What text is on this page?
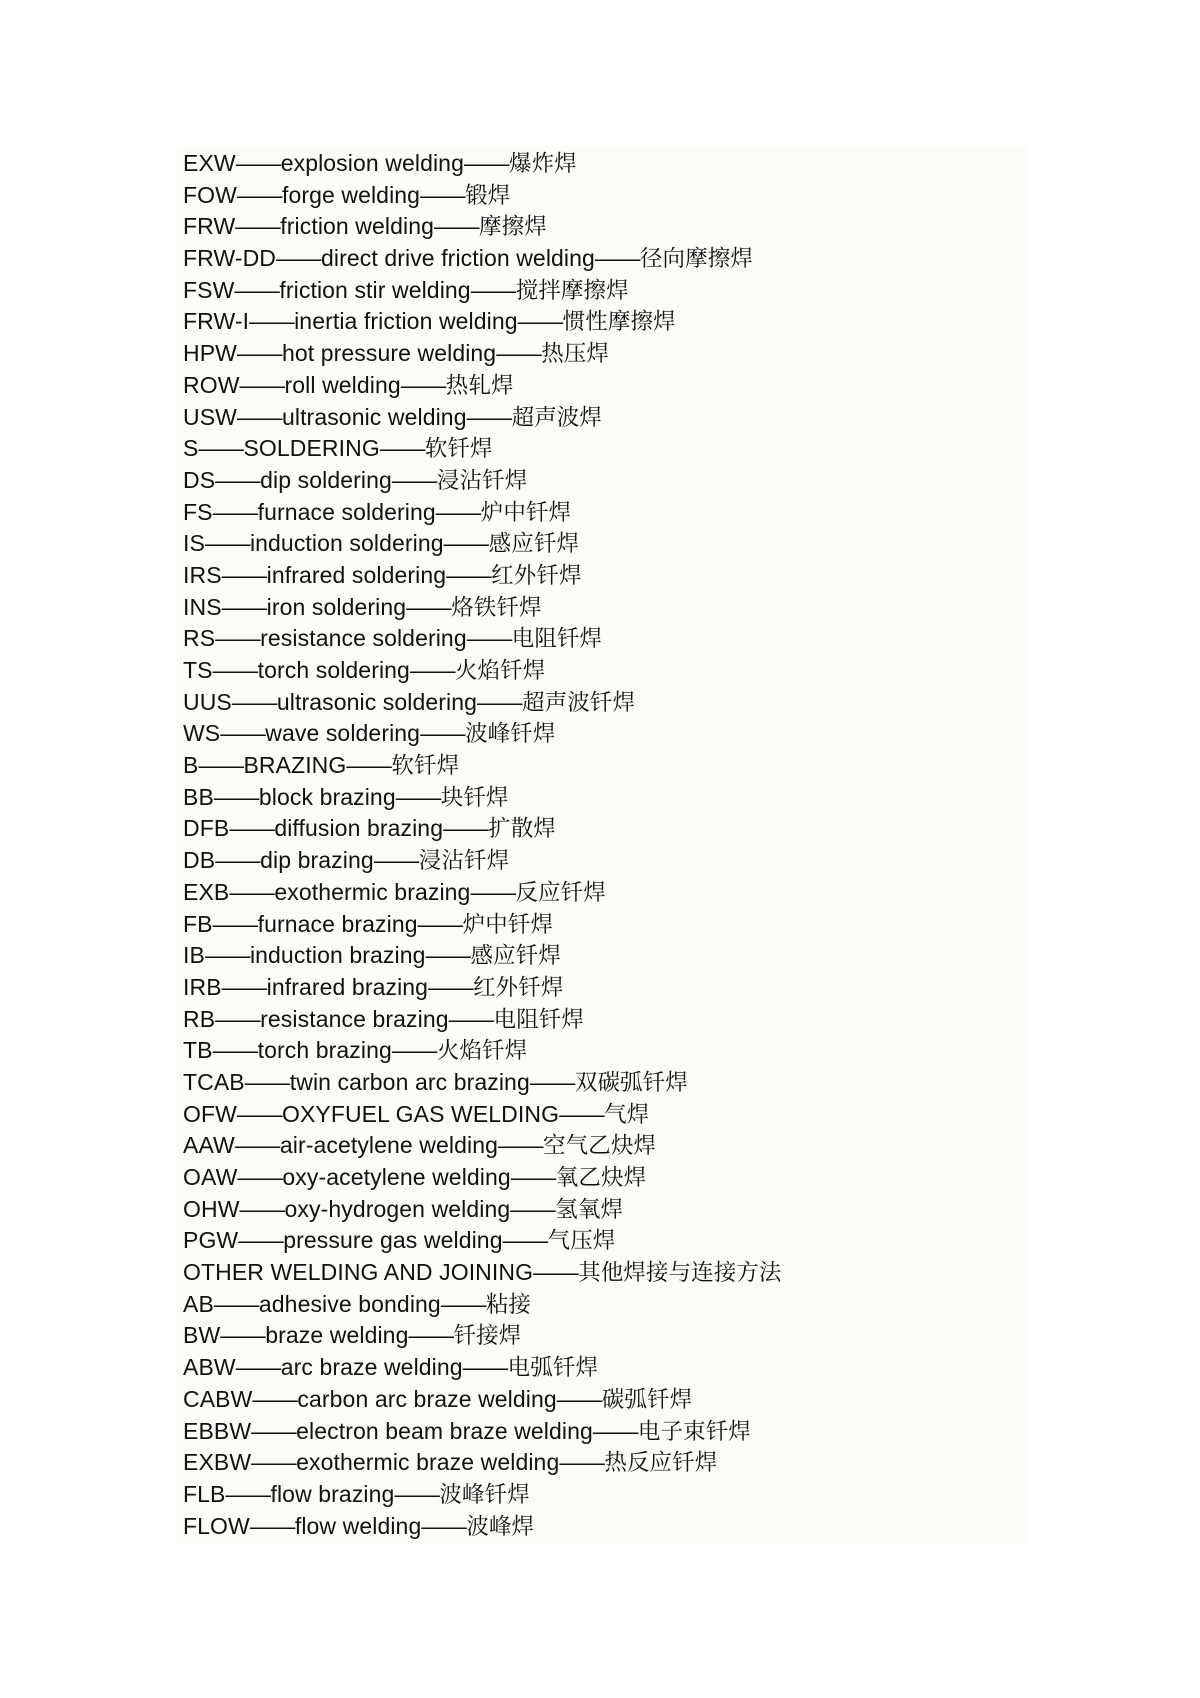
EXW——explosion welding——爆炸焊
FOW——forge welding——锻焊
FRW——friction welding——摩擦焊
FRW-DD——direct drive friction welding——径向摩擦焊
FSW——friction stir welding——搅拌摩擦焊
FRW-I——inertia friction welding——惯性摩擦焊
HPW——hot pressure welding——热压焊
ROW——roll welding——热轧焊
USW——ultrasonic welding——超声波焊
S——SOLDERING——软钎焊
DS——dip soldering——浸沾钎焊
FS——furnace soldering——炉中钎焊
IS——induction soldering——感应钎焊
IRS——infrared soldering——红外钎焊
INS——iron soldering——烙铁钎焊
RS——resistance soldering——电阻钎焊
TS——torch soldering——火焰钎焊
UUS——ultrasonic soldering——超声波钎焊
WS——wave soldering——波峰钎焊
B——BRAZING——软钎焊
BB——block brazing——块钎焊
DFB——diffusion brazing——扩散焊
DB——dip brazing——浸沾钎焊
EXB——exothermic brazing——反应钎焊
FB——furnace brazing——炉中钎焊
IB——induction brazing——感应钎焊
IRB——infrared brazing——红外钎焊
RB——resistance brazing——电阻钎焊
TB——torch brazing——火焰钎焊
TCAB——twin carbon arc brazing——双碳弧钎焊
OFW——OXYFUEL GAS WELDING——气焊
AAW——air-acetylene welding——空气乙炔焊
OAW——oxy-acetylene welding——氧乙炔焊
OHW——oxy-hydrogen welding——氢氧焊
PGW——pressure gas welding——气压焊
OTHER WELDING AND JOINING——其他焊接与连接方法
AB——adhesive bonding——粘接
BW——braze welding——钎接焊
ABW——arc braze welding——电弧钎焊
CABW——carbon arc braze welding——碳弧钎焊
EBBW——electron beam braze welding——电子束钎焊
EXBW——exothermic braze welding——热反应钎焊
FLB——flow brazing——波峰钎焊
FLOW——flow welding——波峰焊
